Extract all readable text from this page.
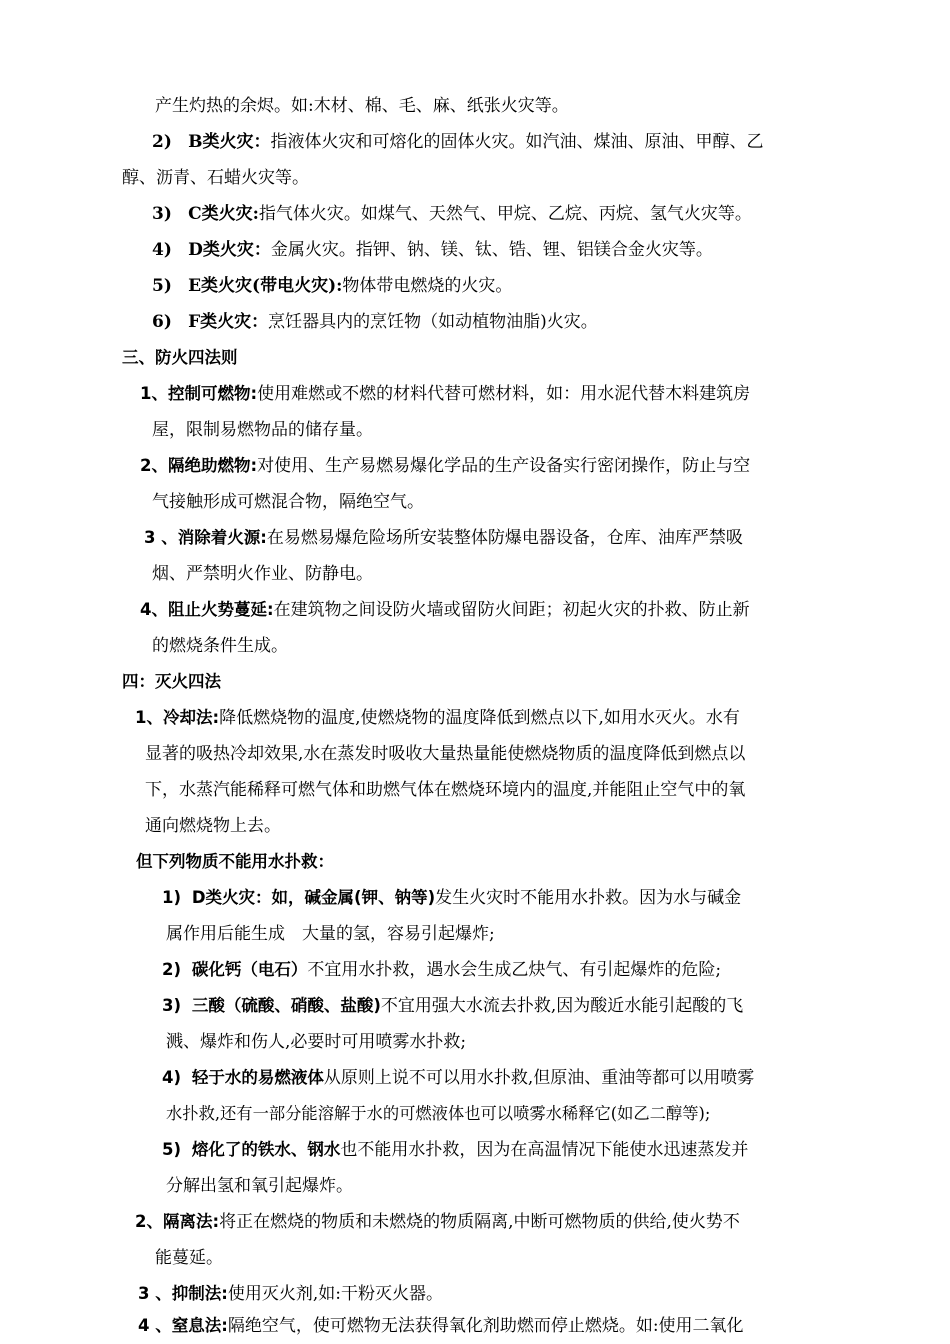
产生灼热的余烬。如:木材、棉、毛、麻、纸张火灾等。
2) B类火灾：指液体火灾和可熔化的固体火灾。如汽油、煤油、原油、甲醇、乙
醇、沥青、石蜡火灾等。
3) C类火灾:指气体火灾。如煤气、天然气、甲烷、乙烷、丙烷、氢气火灾等。
4) D类火灾：金属火灾。指钾、钠、镁、钛、锆、锂、铝镁合金火灾等。
5) E类火灾(带电火灾):物体带电燃烧的火灾。
6) F类火灾：烹饪器具内的烹饪物（如动植物油脂)火灾。
三、防火四法则
1、控制可燃物:使用难燃或不燃的材料代替可燃材料，如：用水泥代替木料建筑房
屋，限制易燃物品的储存量。
2、隔绝助燃物:对使用、生产易燃易爆化学品的生产设备实行密闭操作，防止与空
气接触形成可燃混合物，隔绝空气。
3 、消除着火源:在易燃易爆危险场所安装整体防爆电器设备，仓库、油库严禁吸
烟、严禁明火作业、防静电。
4、阻止火势蔓延:在建筑物之间设防火墙或留防火间距；初起火灾的扑救、防止新
的燃烧条件生成。
四：灭火四法
1、冷却法:降低燃烧物的温度,使燃烧物的温度降低到燃点以下,如用水灭火。水有
显著的吸热冷却效果,水在蒸发时吸收大量热量能使燃烧物质的温度降低到燃点以
下，水蒸汽能稀释可燃气体和助燃气体在燃烧环境内的温度,并能阻止空气中的氧
通向燃烧物上去。
但下列物质不能用水扑救：
1) D类火灾：如，碱金属(钾、钠等)发生火灾时不能用水扑救。因为水与碱金
属作用后能生成　大量的氢，容易引起爆炸;
2) 碳化钙（电石）不宜用水扑救，遇水会生成乙炔气、有引起爆炸的危险;
3) 三酸（硫酸、硝酸、盐酸)不宜用强大水流去扑救,因为酸近水能引起酸的飞
溅、爆炸和伤人,必要时可用喷雾水扑救;
4) 轻于水的易燃液体从原则上说不可以用水扑救,但原油、重油等都可以用喷雾
水扑救,还有一部分能溶解于水的可燃液体也可以喷雾水稀释它(如乙二醇等);
5) 熔化了的铁水、钢水也不能用水扑救，因为在高温情况下能使水迅速蒸发并
分解出氢和氧引起爆炸。
2、隔离法:将正在燃烧的物质和未燃烧的物质隔离,中断可燃物质的供给,使火势不
能蔓延。
3 、抑制法:使用灭火剂,如:干粉灭火器。
4 、窒息法:隔绝空气，使可燃物无法获得氧化剂助燃而停止燃烧。如:使用二氧化
